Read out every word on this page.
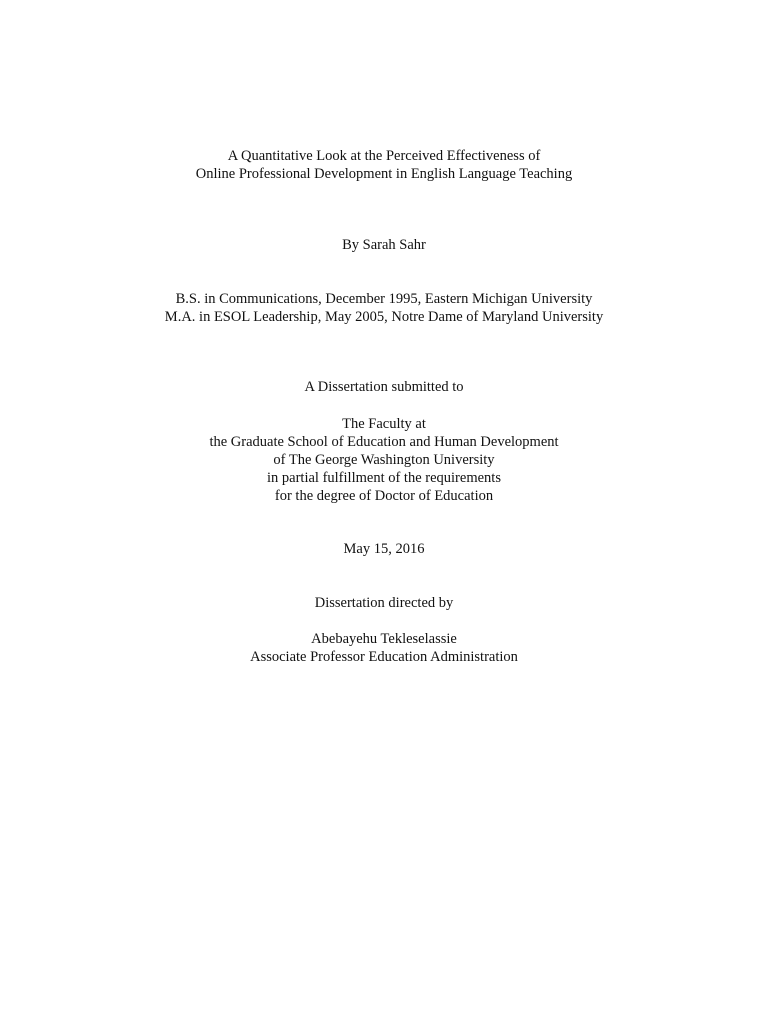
A Quantitative Look at the Perceived Effectiveness of
Online Professional Development in English Language Teaching
By Sarah Sahr
B.S. in Communications, December 1995, Eastern Michigan University
M.A. in ESOL Leadership, May 2005, Notre Dame of Maryland University
A Dissertation submitted to
The Faculty at
the Graduate School of Education and Human Development
of The George Washington University
in partial fulfillment of the requirements
for the degree of Doctor of Education
May 15, 2016
Dissertation directed by
Abebayehu Tekleselassie
Associate Professor Education Administration
